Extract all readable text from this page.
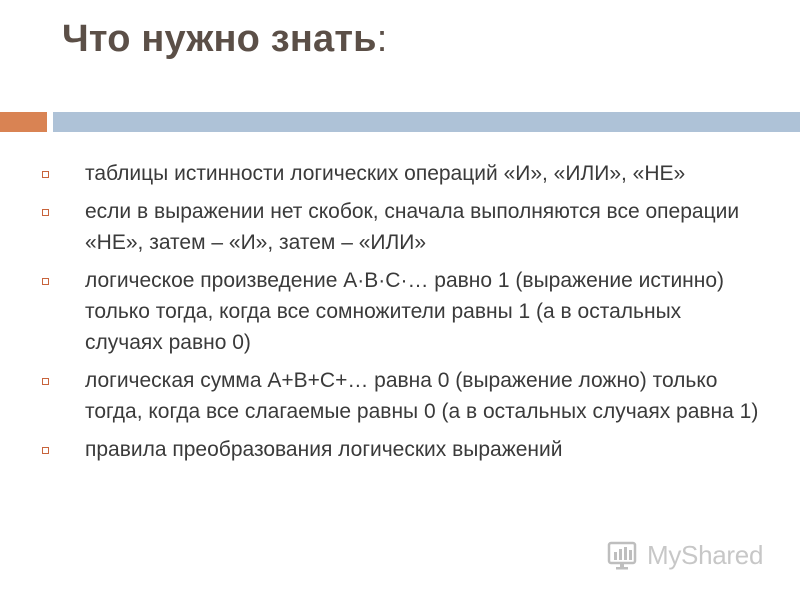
Что нужно знать:
таблицы истинности логических операций «И», «ИЛИ», «НЕ»
если в выражении нет скобок, сначала выполняются все операции «НЕ», затем – «И», затем – «ИЛИ»
логическое произведение A·B·C·… равно 1 (выражение истинно) только тогда, когда все сомножители равны 1 (а в остальных случаях равно 0)
логическая сумма A+B+C+… равна 0 (выражение ложно) только тогда, когда все слагаемые равны 0 (а в остальных случаях равна 1)
правила преобразования логических выражений
MyShared
